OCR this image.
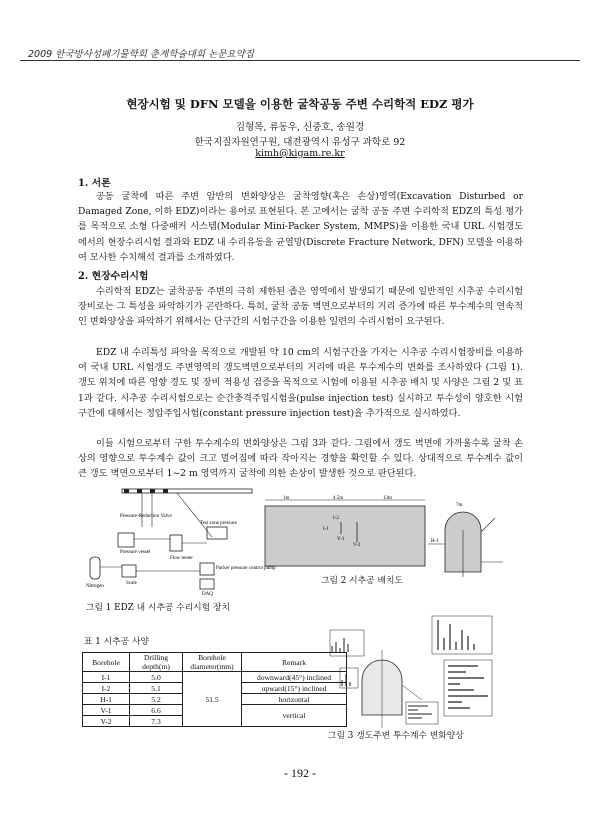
2009 한국방사성폐기물학회 춘계학술대회 논문요약집
현장시험 및 DFN 모델을 이용한 굴착공동 주변 수리학적 EDZ 평가
김형목, 류동우, 신중호, 송원경
한국지질자원연구원, 대전광역시 유성구 과학로 92
kimh@kigam.re.kr
1. 서론
공동 굴착에 따른 주변 암반의 변화양상은 굴착영향(혹은 손상)영역(Excavation Disturbed or Damaged Zone, 이하 EDZ)이라는 용어로 표현된다. 본 고에서는 굴착 공동 주변 수리학적 EDZ의 특성 평가를 목적으로 소형 다중패커 시스템(Modular Mini-Packer System, MMPS)을 이용한 국내 URL 시험갱도에서의 현장수리시험 결과와 EDZ 내 수리유동을 균열망(Discrete Fracture Network, DFN) 모델을 이용하여 모사한 수치해석 결과를 소개하였다.
2. 현장수리시험
수리학적 EDZ는 굴착공동 주변의 극히 제한된 좁은 영역에서 발생되기 때문에 일반적인 시추공 수리시험 장비로는 그 특성을 파악하기가 곤란하다. 특히, 굴착 공동 벽면으로부터의 거리 증가에 따른 투수계수의 연속적인 변화양상을 파악하기 위해서는 단구간의 시험구간을 이용한 일련의 수리시험이 요구된다.
EDZ 내 수리특성 파악을 목적으로 개발된 약 10 cm의 시험구간을 가지는 시추공 수리시험장비를 이용하여 국내 URL 시험갱도 주변영역의 갱도벽면으로부터의 거리에 따른 투수계수의 변화를 조사하였다 (그림 1). 갱도 위치에 따른 영향 경도 및 장비 적용성 검증을 목적으로 시험에 이용된 시추공 배치 및 사양은 그림 2 및 표 1과 같다. 시추공 수리시험으로는 순간충격주입시험을(pulse injection test) 실시하고 투수성이 양호한 시험구간에 대해서는 정압주입시험(constant pressure injection test)을 추가적으로 실시하였다.
이들 시험으로부터 구한 투수계수의 변화양상은 그림 3과 같다. 그림에서 갱도 벽면에 가까울수록 굴착 손상의 영향으로 투수계수 값이 크고 멀어짐에 따라 작아지는 경향을 확인할 수 있다. 상대적으로 투수계수 값이 큰 갱도 벽면으로부터 1~2 m 영역까지 굴착에 의한 손상이 발생한 것으로 판단된다.
Pressure-Reduction Valve
Pressure vessel
Flow meter
Test zone pressure
Nitrogen
Scale
Packer pressure control pump
DAQ
그림 1 EDZ 내 시추공 수리시험 장치
1m	4.5m	13m
I-2
I-1
V-1
V-2
7m
H-1
그림 2 시추공 배치도
표 1 시추공 사양
Borehole	Drilling depth(m)	Borehole diameter(mm)	Remark
I-1	5.0	51.5	downward(45°) inclined
I-2	5.1		upward(15°) inclined
H-1	5.2		horizontal
V-1	6.6		vertical
V-2	7.3		
그림 3 갱도주변 투수계수 변화양상
- 192 -
